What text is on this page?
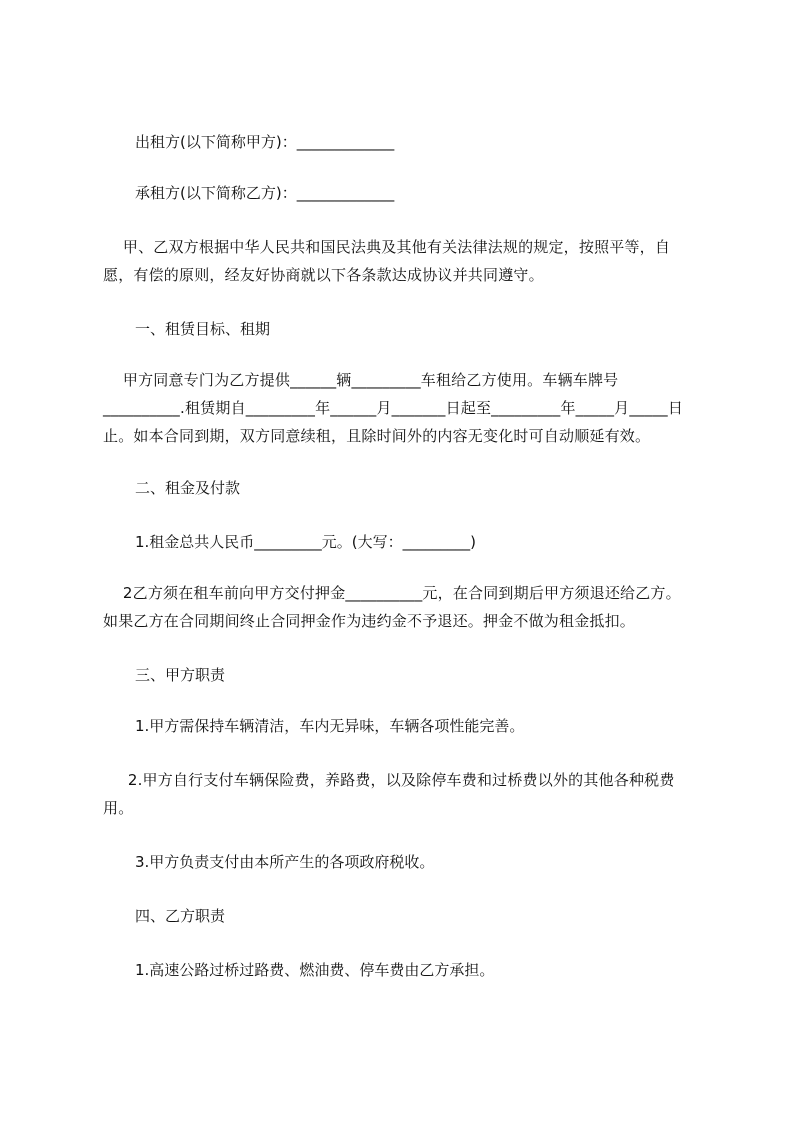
出租方(以下简称甲方)：_____________
承租方(以下简称乙方)：_____________
甲、乙双方根据中华人民共和国民法典及其他有关法律法规的规定，按照平等，自愿，有偿的原则，经友好协商就以下各条款达成协议并共同遵守。
一、租赁目标、租期
甲方同意专门为乙方提供______辆_________车租给乙方使用。车辆车牌号__________.租赁期自_________年______月_______日起至_________年_____月_____日止。如本合同到期，双方同意续租，且除时间外的内容无变化时可自动顺延有效。
二、租金及付款
1.租金总共人民币_________元。(大写：_________)
2乙方须在租车前向甲方交付押金__________元，在合同到期后甲方须退还给乙方。如果乙方在合同期间终止合同押金作为违约金不予退还。押金不做为租金抵扣。
三、甲方职责
1.甲方需保持车辆清洁，车内无异味，车辆各项性能完善。
2.甲方自行支付车辆保险费，养路费，以及除停车费和过桥费以外的其他各种税费用。
3.甲方负责支付由本所产生的各项政府税收。
四、乙方职责
1.高速公路过桥过路费、燃油费、停车费由乙方承担。
